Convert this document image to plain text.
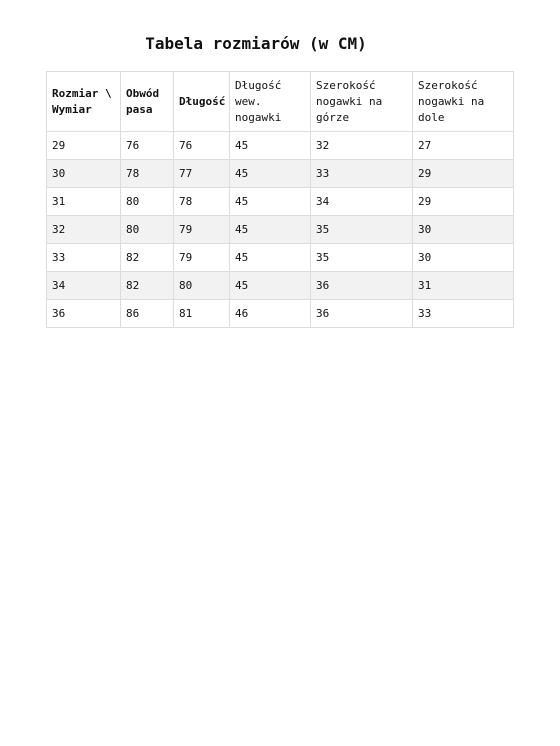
Tabela rozmiarów (w CM)
Rozmiar \ Wymiar	Obwód pasa	Długość	Długość wew. nogawki	Szerokość nogawki na górze	Szerokość nogawki na dole
29	76	76	45	32	27
30	78	77	45	33	29
31	80	78	45	34	29
32	80	79	45	35	30
33	82	79	45	35	30
34	82	80	45	36	31
36	86	81	46	36	33
